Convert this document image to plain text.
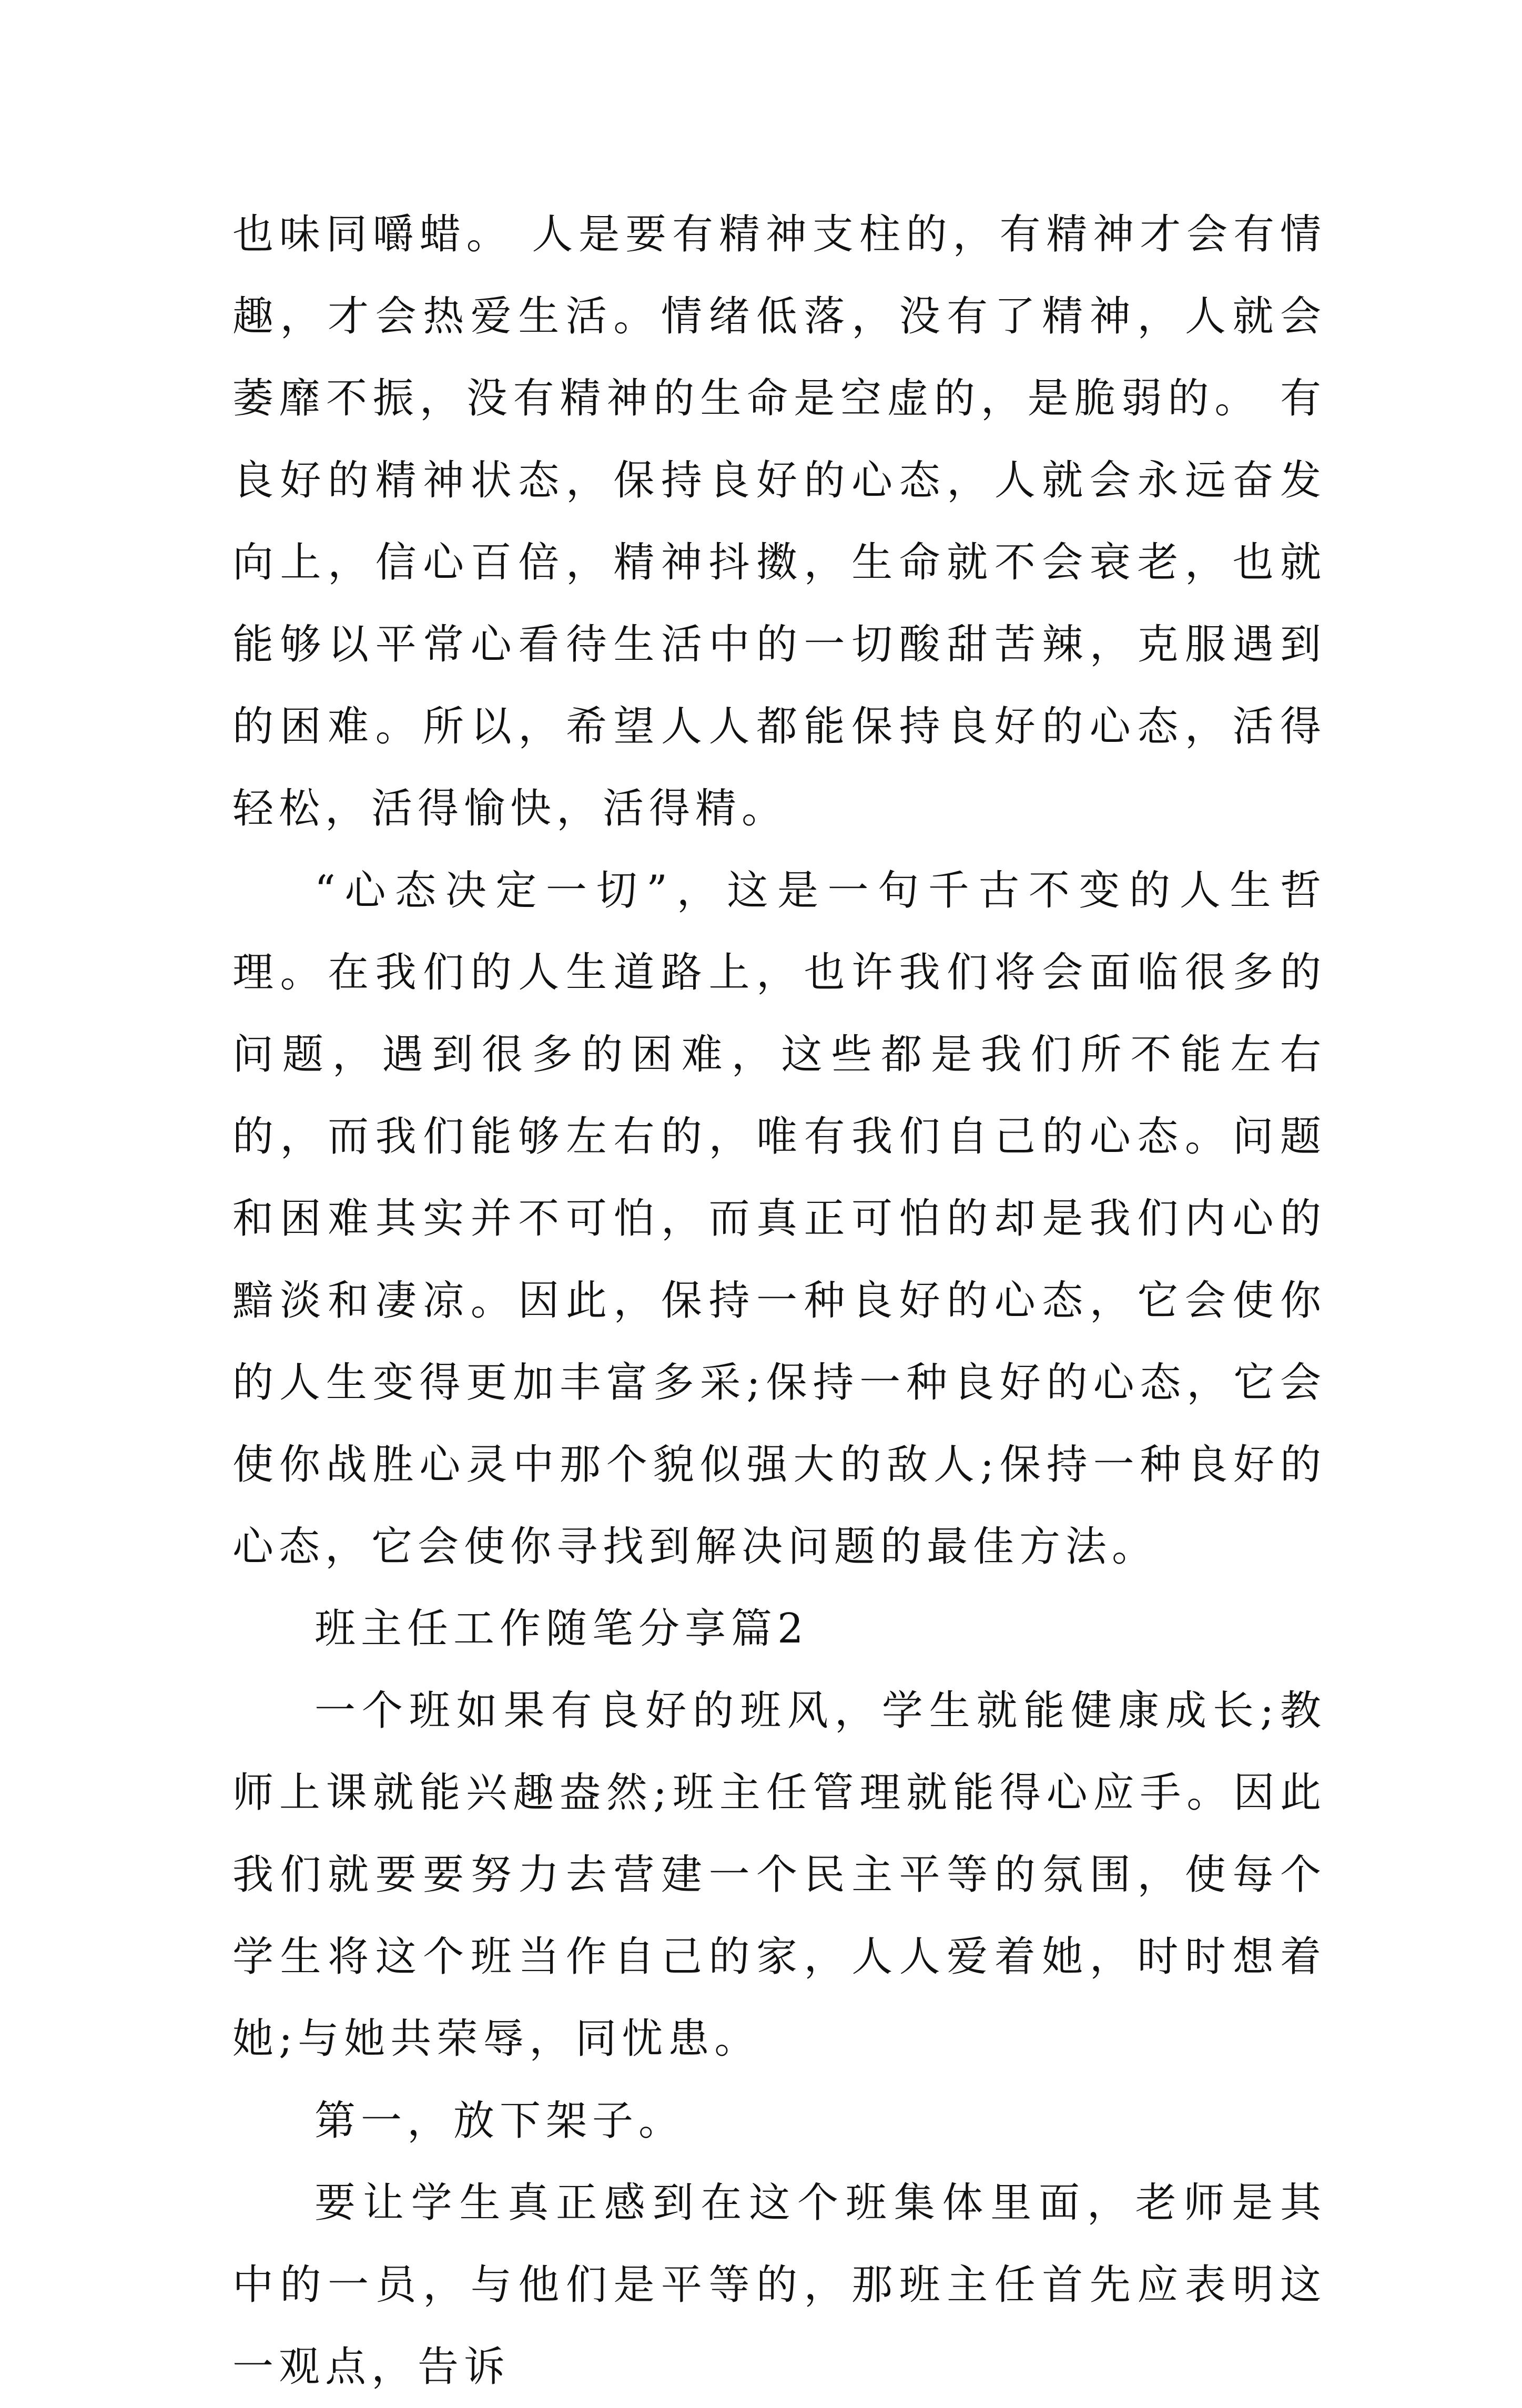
也味同嚼蜡。 人是要有精神支柱的，有精神才会有情趣，才会热爱生活。情绪低落，没有了精神，人就会萎靡不振，没有精神的生命是空虚的，是脆弱的。 有良好的精神状态，保持良好的心态，人就会永远奋发向上，信心百倍，精神抖擞，生命就不会衰老，也就能够以平常心看待生活中的一切酸甜苦辣，克服遇到的困难。所以，希望人人都能保持良好的心态，活得轻松，活得愉快，活得精。

“心态决定一切”，这是一句千古不变的人生哲理。在我们的人生道路上，也许我们将会面临很多的问题，遇到很多的困难，这些都是我们所不能左右的，而我们能够左右的，唯有我们自己的心态。问题和困难其实并不可怕，而真正可怕的却是我们内心的黯淡和凄凉。因此，保持一种良好的心态，它会使你的人生变得更加丰富多采;保持一种良好的心态，它会使你战胜心灵中那个貌似强大的敌人;保持一种良好的心态，它会使你寻找到解决问题的最佳方法。

班主任工作随笔分享篇2

一个班如果有良好的班风，学生就能健康成长;教师上课就能兴趣盎然;班主任管理就能得心应手。因此我们就要要努力去营建一个民主平等的氛围，使每个学生将这个班当作自己的家，人人爱着她，时时想着她;与她共荣辱，同忧患。

第一，放下架子。

要让学生真正感到在这个班集体里面，老师是其中的一员，与他们是平等的，那班主任首先应表明这一观点，告诉
